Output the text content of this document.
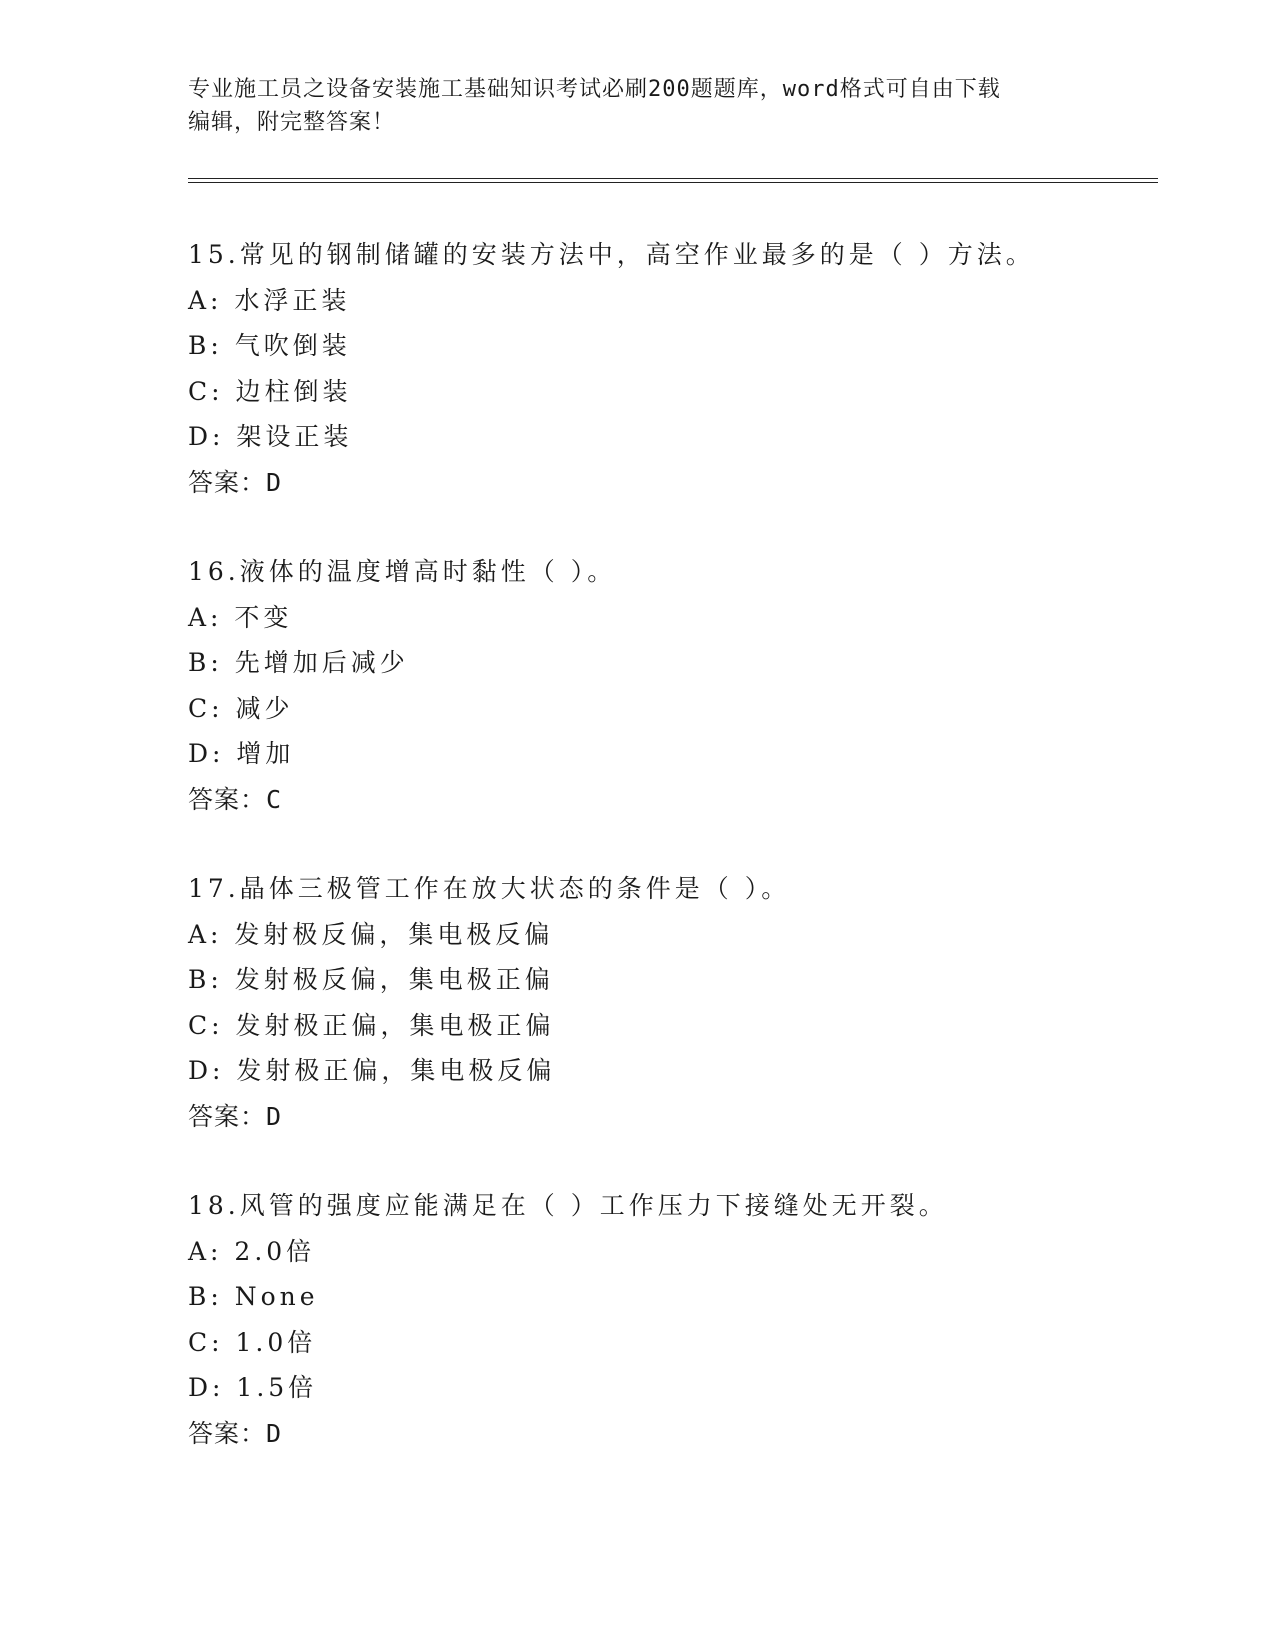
专业施工员之设备安装施工基础知识考试必刷200题题库，word格式可自由下载
编辑，附完整答案！
15.常见的钢制储罐的安装方法中，高空作业最多的是（ ）方法。
A: 水浮正装
B: 气吹倒装
C: 边柱倒装
D: 架设正装
答案：D
16.液体的温度增高时黏性（ ）。
A: 不变
B: 先增加后减少
C: 减少
D: 增加
答案：C
17.晶体三极管工作在放大状态的条件是（ ）。
A: 发射极反偏，集电极反偏
B: 发射极反偏，集电极正偏
C: 发射极正偏，集电极正偏
D: 发射极正偏，集电极反偏
答案：D
18.风管的强度应能满足在（ ）工作压力下接缝处无开裂。
A: 2.0倍
B: None
C: 1.0倍
D: 1.5倍
答案：D
